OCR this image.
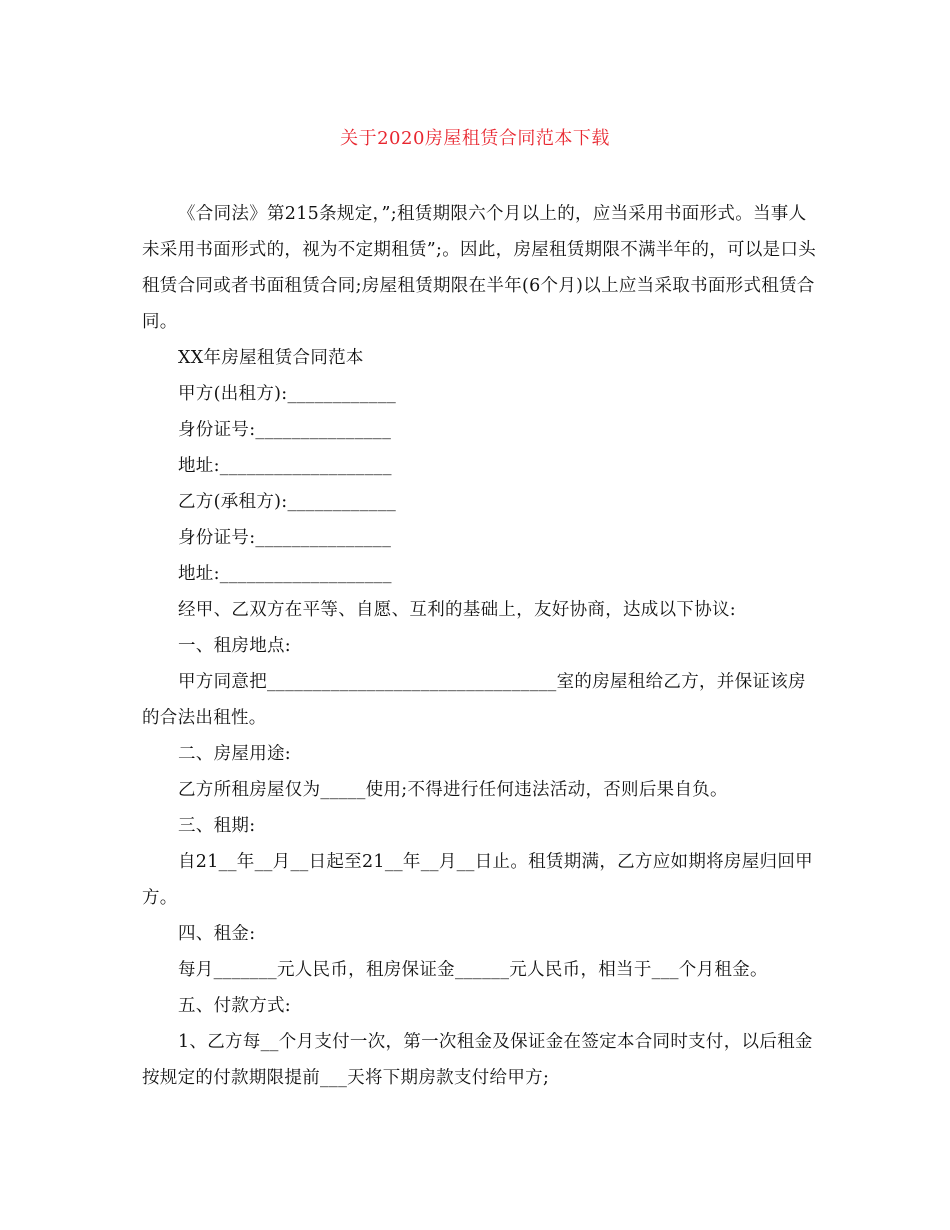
关于2020房屋租赁合同范本下载

《合同法》第215条规定，”;租赁期限六个月以上的，应当采用书面形式。当事人未采用书面形式的，视为不定期租赁”;。因此，房屋租赁期限不满半年的，可以是口头租赁合同或者书面租赁合同;房屋租赁期限在半年(6个月)以上应当采取书面形式租赁合同。

XX年房屋租赁合同范本

甲方(出租方):____________

身份证号:_______________

地址:___________________

乙方(承租方):____________

身份证号:_______________

地址:___________________

经甲、乙双方在平等、自愿、互利的基础上，友好协商，达成以下协议:

一、租房地点:

甲方同意把________________________________室的房屋租给乙方，并保证该房的合法出租性。

二、房屋用途:

乙方所租房屋仅为_____使用;不得进行任何违法活动，否则后果自负。

三、租期:

自21__年__月__日起至21__年__月__日止。租赁期满，乙方应如期将房屋归回甲方。

四、租金:

每月_______元人民币，租房保证金______元人民币，相当于___个月租金。

五、付款方式:

1、乙方每__个月支付一次，第一次租金及保证金在签定本合同时支付，以后租金按规定的付款期限提前___天将下期房款支付给甲方;
